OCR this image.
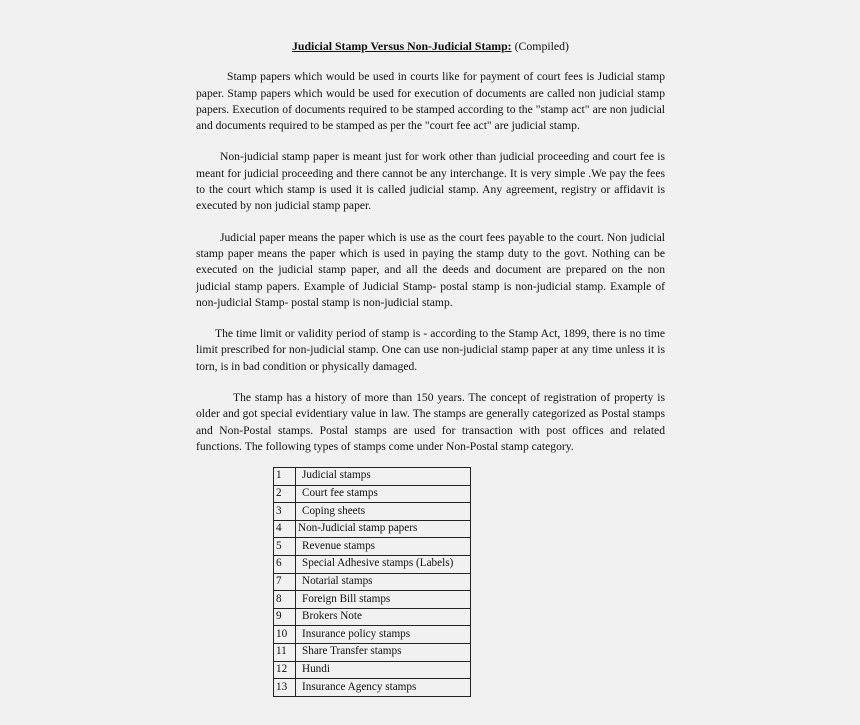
Judicial Stamp Versus Non-Judicial Stamp: (Compiled)

Stamp papers which would be used in courts like for payment of court fees is Judicial stamp paper. Stamp papers which would be used for execution of documents are called non judicial stamp papers. Execution of documents required to be stamped according to the "stamp act" are non judicial and documents required to be stamped as per the "court fee act" are judicial stamp.

Non-judicial stamp paper is meant just for work other than judicial proceeding and court fee is meant for judicial proceeding and there cannot be any interchange. It is very simple .We pay the fees to the court which stamp is used it is called judicial stamp. Any agreement, registry or affidavit is executed by non judicial stamp paper.

Judicial paper means the paper which is use as the court fees payable to the court. Non judicial stamp paper means the paper which is used in paying the stamp duty to the govt. Nothing can be executed on the judicial stamp paper, and all the deeds and document are prepared on the non judicial stamp papers. Example of Judicial Stamp- postal stamp is non-judicial stamp. Example of non-judicial Stamp- postal stamp is non-judicial stamp.

The time limit or validity period of stamp is - according to the Stamp Act, 1899, there is no time limit prescribed for non-judicial stamp. One can use non-judicial stamp paper at any time unless it is torn, is in bad condition or physically damaged.

The stamp has a history of more than 150 years. The concept of registration of property is older and got special evidentiary value in law. The stamps are generally categorized as Postal stamps and Non-Postal stamps. Postal stamps are used for transaction with post offices and related functions. The following types of stamps come under Non-Postal stamp category.

1	Judicial stamps
2	Court fee stamps
3	Coping sheets
4	Non-Judicial stamp papers
5	Revenue stamps
6	Special Adhesive stamps (Labels)
7	Notarial stamps
8	Foreign Bill stamps
9	Brokers Note
10	Insurance policy stamps
11	Share Transfer stamps
12	Hundi
13	Insurance Agency stamps
